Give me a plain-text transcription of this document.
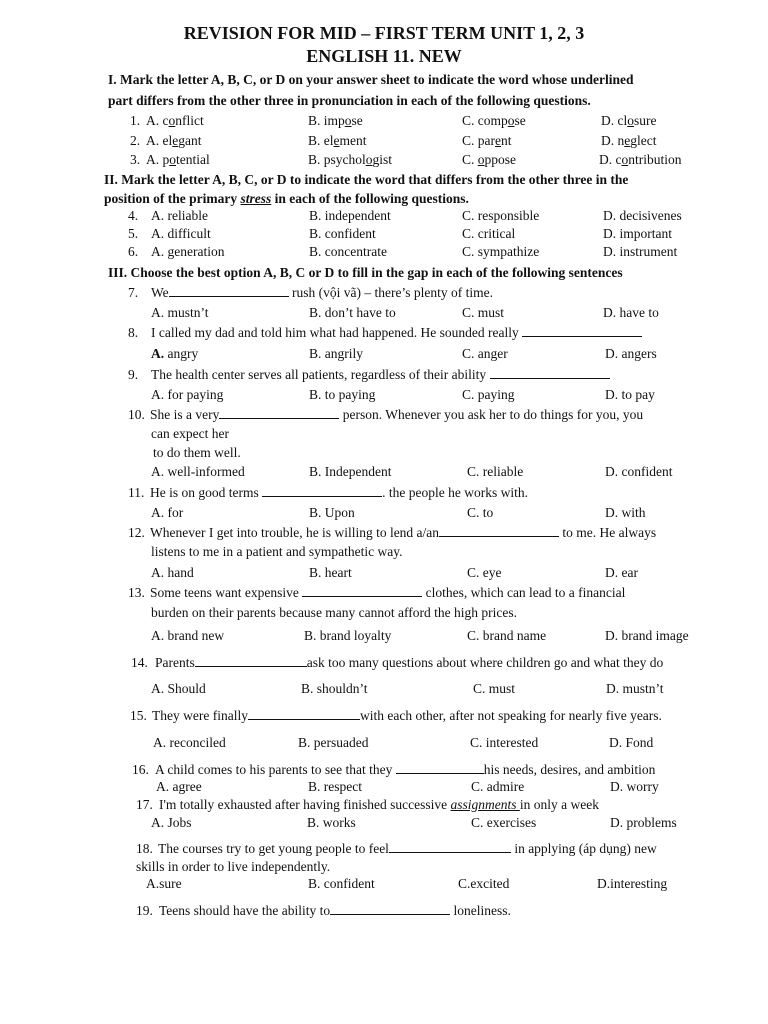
REVISION FOR MID – FIRST TERM UNIT 1, 2, 3
ENGLISH 11. NEW
I. Mark the letter A, B, C, or D on your answer sheet to indicate the word whose underlined
part differs from the other three in pronunciation in each of the following questions.
1. A. conflict	B. impose	C. compose	D. closure
2. A. elegant	B. element	C. parent	D. neglect
3. A. potential	B. psychologist	C. oppose	D. contribution
II. Mark the letter A, B, C, or D to indicate the word that differs from the other three in the
position of the primary stress in each of the following questions.
4. A. reliable	B. independent	C. responsible	D. decisivenes
5. A. difficult	B. confident	C. critical	D. important
6. A. generation	B. concentrate	C. sympathize	D. instrument
III. Choose the best option A, B, C or D to fill in the gap in each of the following sentences
7. We	rush (vội vã) – there’s plenty of time.
A. mustn’t	B. don’t have to	C. must	D. have to
8. I called my dad and told him what had happened. He sounded really
A. angry	B. angrily	C. anger	D. angers
9. The health center serves all patients, regardless of their ability
A. for paying	B. to paying	C. paying	D. to pay
10. She is a very	person. Whenever you ask her to do things for you, you
can expect her
to do them well.
A. well-informed	B. Independent	C. reliable	D. confident
11. He is on good terms	. the people he works with.
A. for	B. Upon	C. to	D. with
12. Whenever I get into trouble, he is willing to lend a/an	to me. He always
listens to me in a patient and sympathetic way.
A. hand	B. heart	C. eye	D. ear
13. Some teens want expensive	clothes, which can lead to a financial
burden on their parents because many cannot afford the high prices.
A. brand new	B. brand loyalty	C. brand name	D. brand image
14. Parents	ask too many questions about where children go and what they do
A. Should	B. shouldn’t	C. must	D. mustn’t
15. They were finally	with each other, after not speaking for nearly five years.
A. reconciled	B. persuaded	C. interested	D. Fond
16. A child comes to his parents to see that they	his needs, desires, and ambition
A. agree	B. respect	C. admire	D. worry
17. I'm totally exhausted after having finished successive assignments in only a week
A. Jobs	B. works	C. exercises	D. problems
18. The courses try to get young people to feel	in applying (áp dụng) new
skills in order to live independently.
A.sure	B. confident	C.excited	D.interesting
19. Teens should have the ability to	loneliness.
